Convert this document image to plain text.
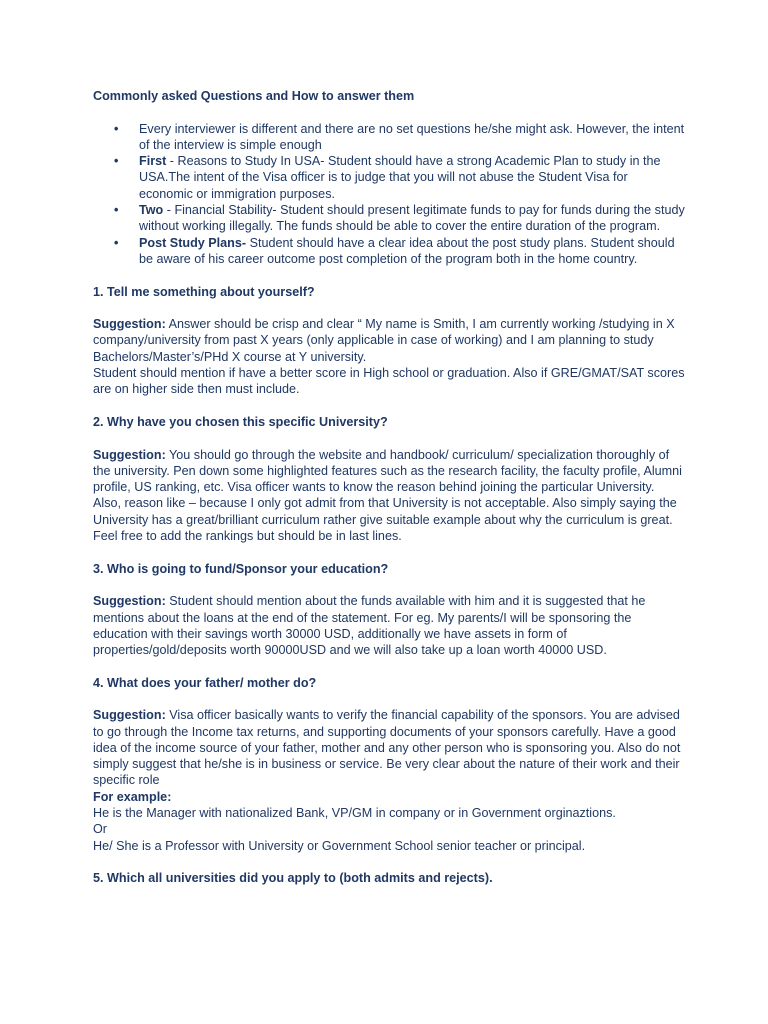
Commonly asked Questions and How to answer them

• Every interviewer is different and there are no set questions he/she might ask. However, the intent of the interview is simple enough
• First - Reasons to Study In USA- Student should have a strong Academic Plan to study in the USA.The intent of the Visa officer is to judge that you will not abuse the Student Visa for economic or immigration purposes.
• Two - Financial Stability- Student should present legitimate funds to pay for funds during the study without working illegally. The funds should be able to cover the entire duration of the program.
• Post Study Plans- Student should have a clear idea about the post study plans. Student should be aware of his career outcome post completion of the program both in the home country.

1. Tell me something about yourself?

Suggestion: Answer should be crisp and clear “ My name is Smith, I am currently working /studying in X company/university from past X years (only applicable in case of working) and I am planning to study Bachelors/Master’s/PHd X course at Y university.

Student should mention if have a better score in High school or graduation. Also if GRE/GMAT/SAT scores are on higher side then must include.

2. Why have you chosen this specific University?

Suggestion: You should go through the website and handbook/ curriculum/ specialization thoroughly of the university. Pen down some highlighted features such as the research facility, the faculty profile, Alumni profile, US ranking, etc. Visa officer wants to know the reason behind joining the particular University. Also, reason like – because I only got admit from that University is not acceptable. Also simply saying the University has a great/brilliant curriculum rather give suitable example about why the curriculum is great. Feel free to add the rankings but should be in last lines.

3. Who is going to fund/Sponsor your education?

Suggestion: Student should mention about the funds available with him and it is suggested that he mentions about the loans at the end of the statement. For eg. My parents/I will be sponsoring the education with their savings worth 30000 USD, additionally we have assets in form of properties/gold/deposits worth 90000USD and we will also take up a loan worth 40000 USD.

4. What does your father/ mother do?

Suggestion: Visa officer basically wants to verify the financial capability of the sponsors. You are advised to go through the Income tax returns, and supporting documents of your sponsors carefully. Have a good idea of the income source of your father, mother and any other person who is sponsoring you. Also do not simply suggest that he/she is in business or service. Be very clear about the nature of their work and their specific role

For example:

He is the Manager with nationalized Bank, VP/GM in company or in Government orginaztions.

Or

He/ She is a Professor with University or Government School senior teacher or principal.

5. Which all universities did you apply to (both admits and rejects).
